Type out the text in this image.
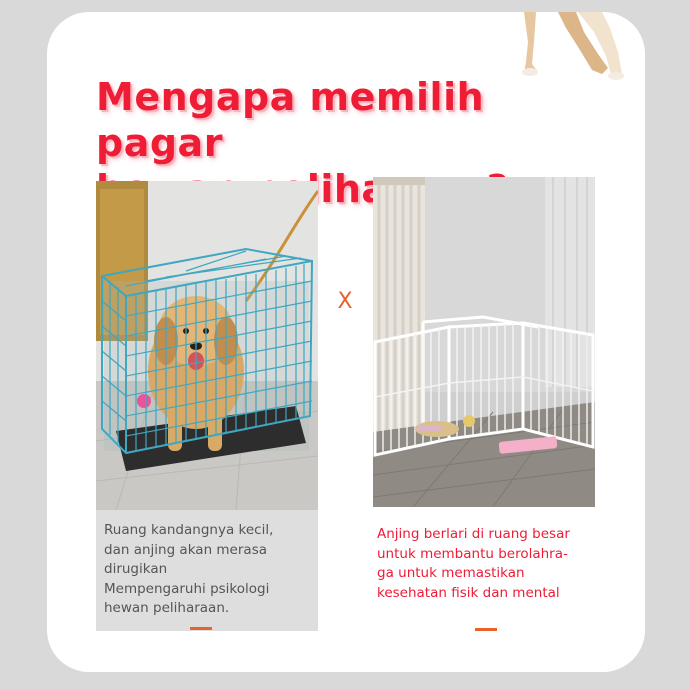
Mengapa memilih pagar

Ruang kandangnya kecil,
dan anjing akan merasa
dirugikan
Mempengaruhi psikologi
hewan peliharaan.
X
Anjing berlari di ruang besar
untuk membantu berolahra-
ga untuk memastikan
kesehatan fisik dan mental
